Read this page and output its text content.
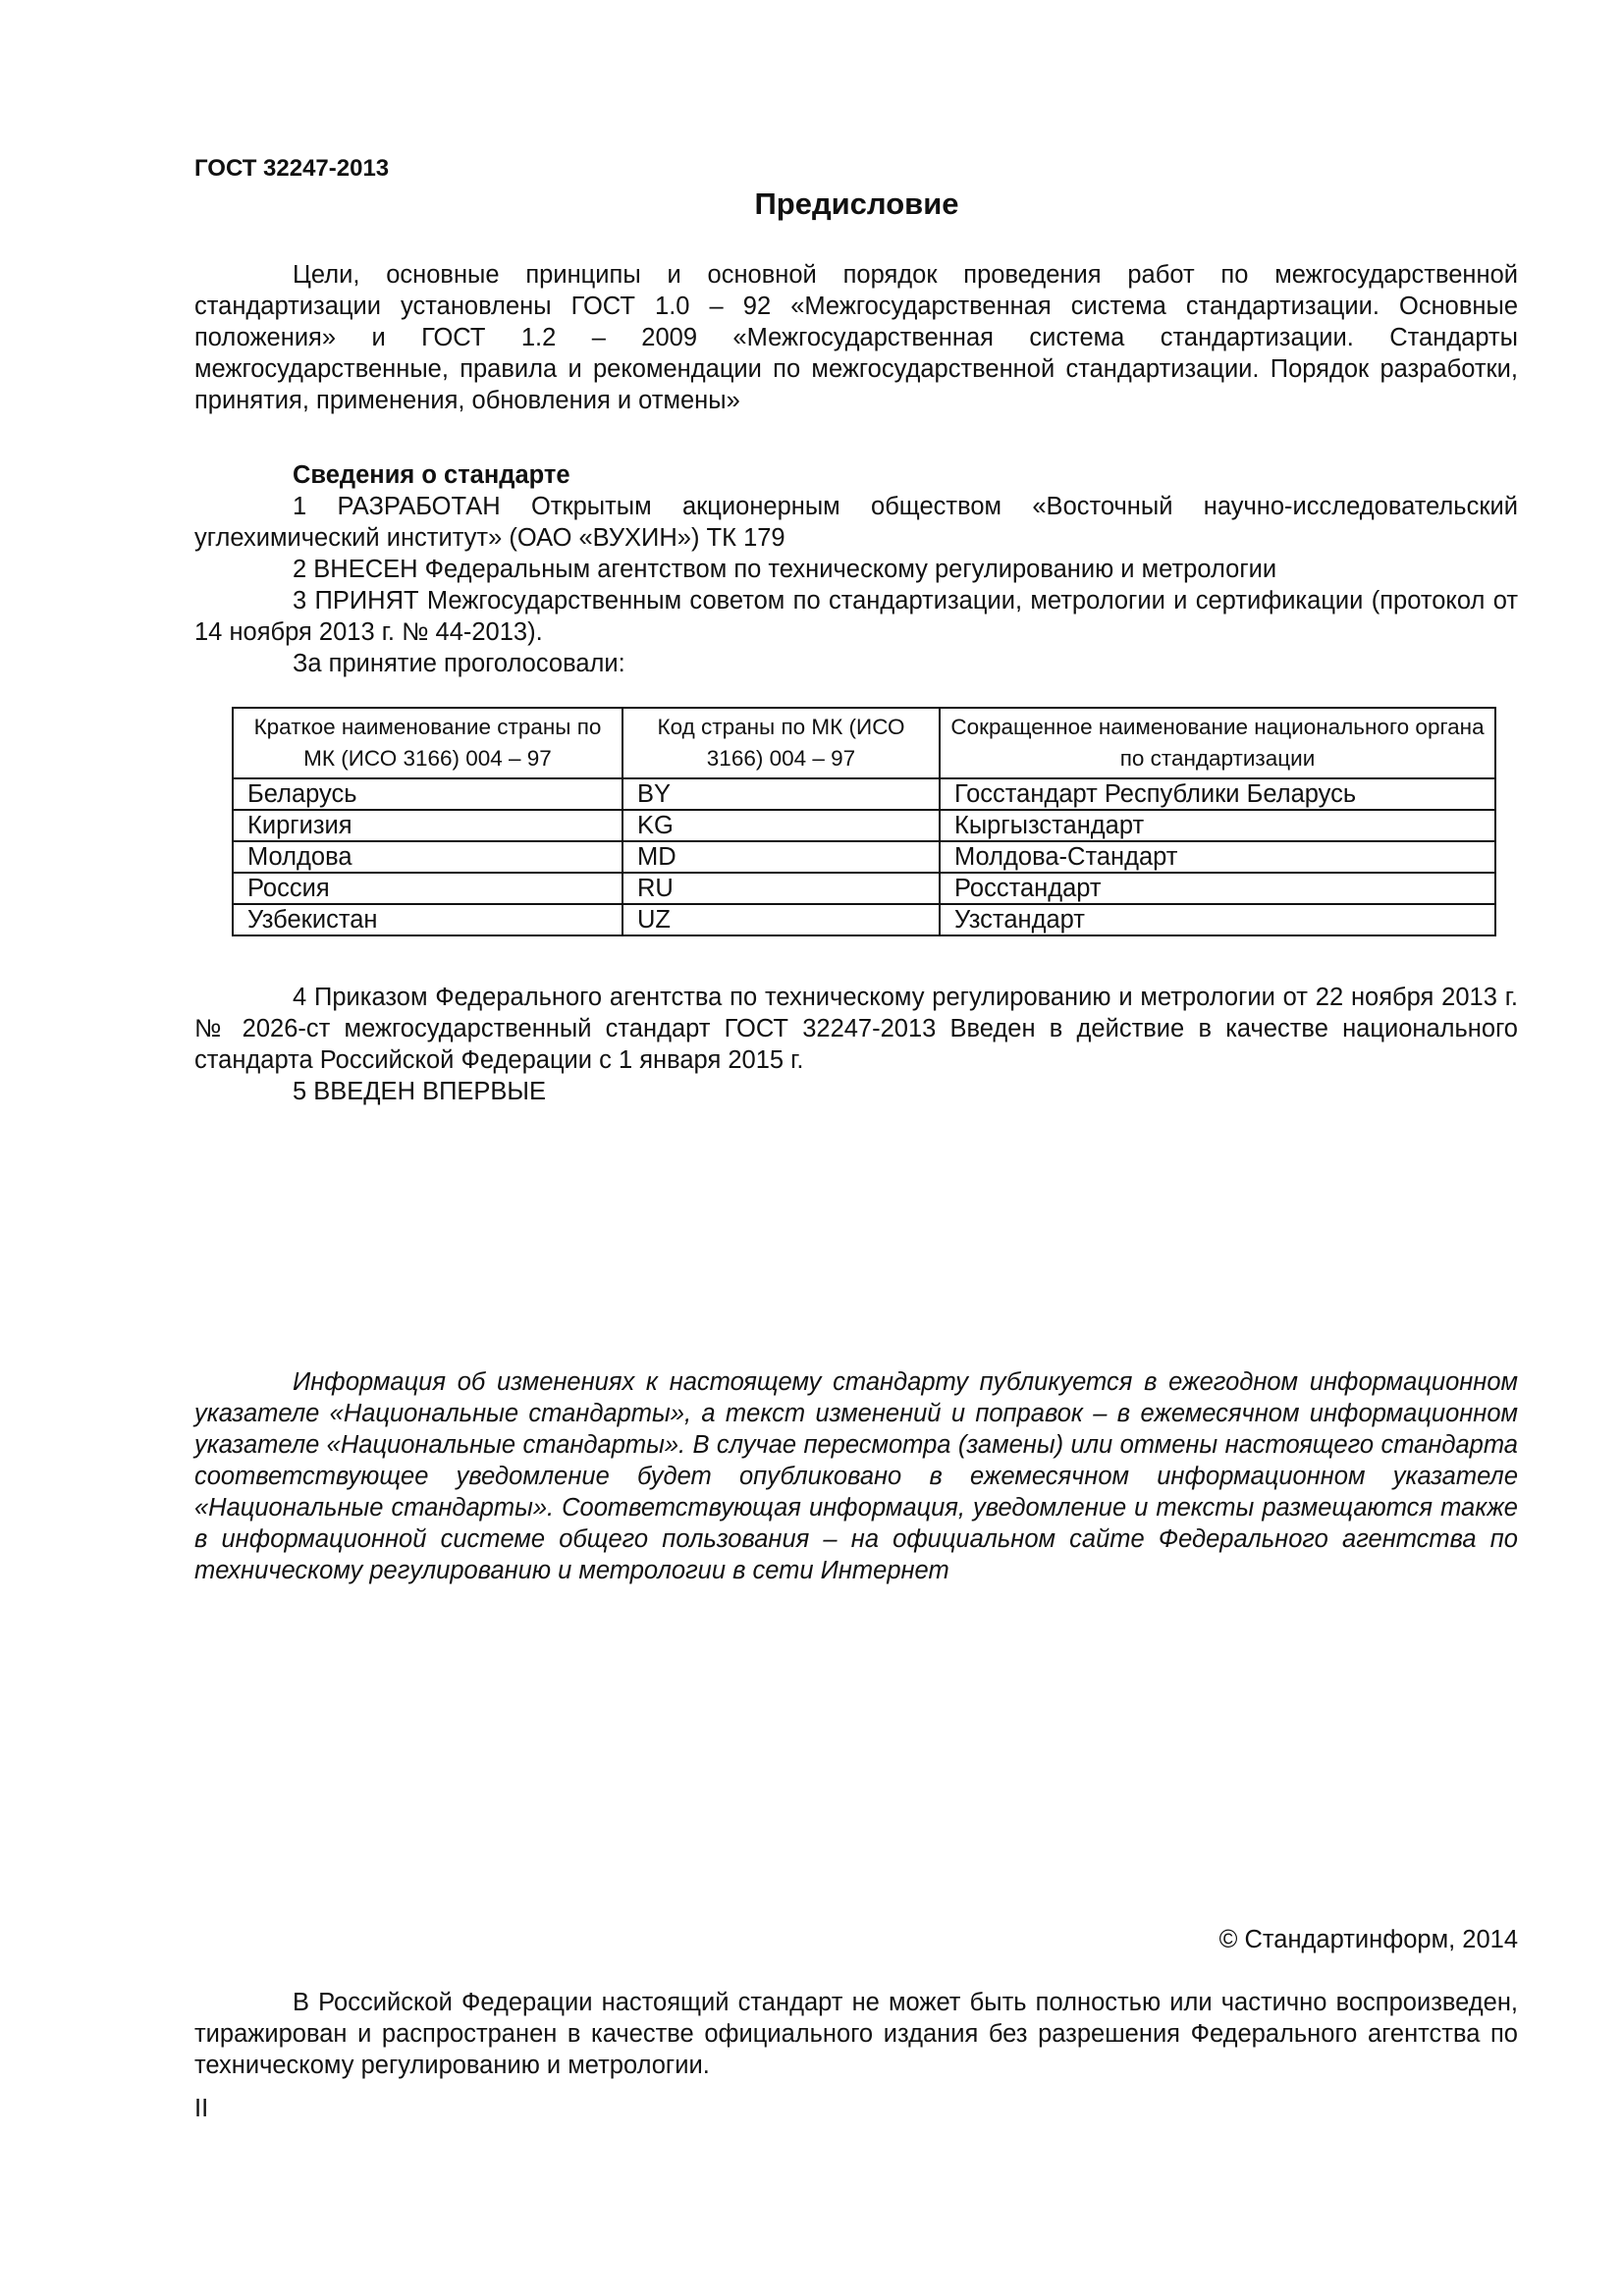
ГОСТ 32247-2013
Предисловие

Цели, основные принципы и основной порядок проведения работ по межгосударственной стандартизации установлены ГОСТ 1.0 – 92 «Межгосударственная система стандартизации. Основные положения» и ГОСТ 1.2 – 2009 «Межгосударственная система стандартизации. Стандарты межгосударственные, правила и рекомендации по межгосударственной стандартизации. Порядок разработки, принятия, применения, обновления и отмены»

Сведения о стандарте

1 РАЗРАБОТАН Открытым акционерным обществом «Восточный научно-исследовательский углехимический институт» (ОАО «ВУХИН») ТК 179

2 ВНЕСЕН Федеральным агентством по техническому регулированию и метрологии

3 ПРИНЯТ Межгосударственным советом по стандартизации, метрологии и сертификации (протокол от 14 ноября 2013 г. № 44-2013).

За принятие проголосовали:

Краткое наименование страны по МК (ИСО 3166) 004 – 97	Код страны по МК (ИСО 3166) 004 – 97	Сокращенное наименование национального органа по стандартизации
Беларусь	BY	Госстандарт Республики Беларусь
Киргизия	KG	Кыргызстандарт
Молдова	MD	Молдова-Стандарт
Россия	RU	Росстандарт
Узбекистан	UZ	Узстандарт

4 Приказом Федерального агентства по техническому регулированию и метрологии от 22 ноября 2013 г. № 2026-ст межгосударственный стандарт ГОСТ 32247-2013 Введен в действие в качестве национального стандарта Российской Федерации с 1 января 2015 г.

5 ВВЕДЕН ВПЕРВЫЕ

Информация об изменениях к настоящему стандарту публикуется в ежегодном информационном указателе «Национальные стандарты», а текст изменений и поправок – в ежемесячном информационном указателе «Национальные стандарты». В случае пересмотра (замены) или отмены настоящего стандарта соответствующее уведомление будет опубликовано в ежемесячном информационном указателе «Национальные стандарты». Соответствующая информация, уведомление и тексты размещаются также в информационной системе общего пользования – на официальном сайте Федерального агентства по техническому регулированию и метрологии в сети Интернет

© Стандартинформ, 2014

В Российской Федерации настоящий стандарт не может быть полностью или частично воспроизведен, тиражирован и распространен в качестве официального издания без разрешения Федерального агентства по техническому регулированию и метрологии.

II
